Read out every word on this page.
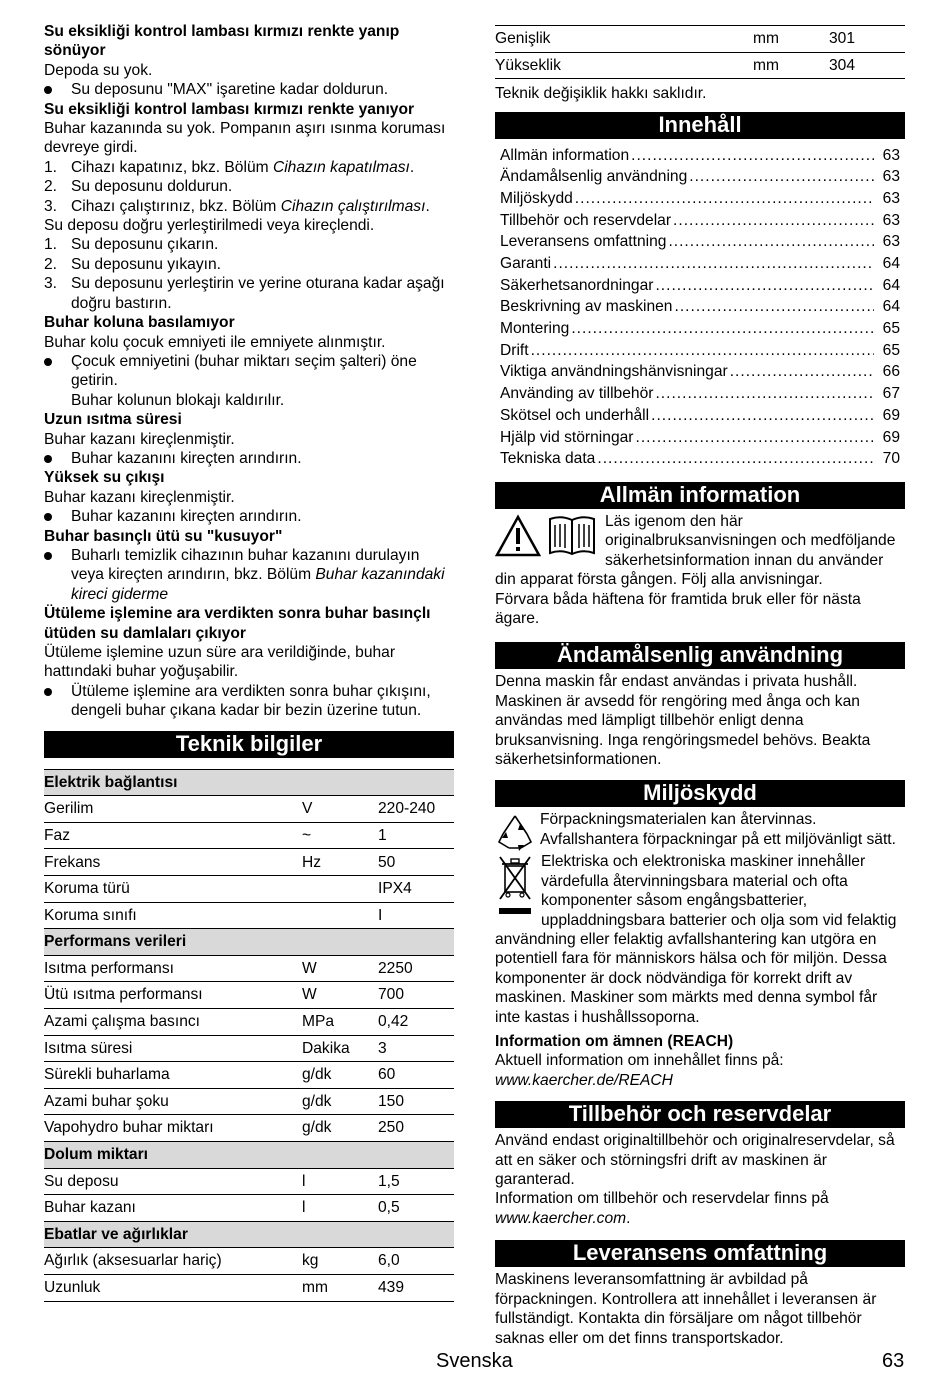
Su eksikliği kontrol lambası kırmızı renkte yanıp sönüyor
Depoda su yok.
Su deposunu "MAX" işaretine kadar doldurun.
Su eksikliği kontrol lambası kırmızı renkte yanıyor
Buhar kazanında su yok. Pompanın aşırı ısınma koruması devreye girdi.
1. Cihazı kapatınız, bkz. Bölüm Cihazın kapatılması.
2. Su deposunu doldurun.
3. Cihazı çalıştırınız, bkz. Bölüm Cihazın çalıştırılması.
Su deposu doğru yerleştirilmedi veya kireçlendi.
1. Su deposunu çıkarın.
2. Su deposunu yıkayın.
3. Su deposunu yerleştirin ve yerine oturana kadar aşağı doğru bastırın.
Buhar koluna basılamıyor
Buhar kolu çocuk emniyeti ile emniyete alınmıştır.
Çocuk emniyetini (buhar miktarı seçim şalteri) öne getirin.
Buhar kolunun blokajı kaldırılır.
Uzun ısıtma süresi
Buhar kazanı kireçlenmiştir.
Buhar kazanını kireçten arındırın.
Yüksek su çıkışı
Buhar kazanı kireçlenmiştir.
Buhar kazanını kireçten arındırın.
Buhar basınçlı ütü su "kusuyor"
Buharlı temizlik cihazının buhar kazanını durulayın veya kireçten arındırın, bkz. Bölüm Buhar kazanındaki kireci giderme
Ütüleme işlemine ara verdikten sonra buhar basınçlı ütüden su damlaları çıkıyor
Ütüleme işlemine uzun süre ara verildiğinde, buhar hattındaki buhar yoğuşabilir.
Ütüleme işlemine ara verdikten sonra buhar çıkışını, dengeli buhar çıkana kadar bir bezin üzerine tutun.
Teknik bilgiler
Elektrik bağlantısı		
Gerilim	V	220-240
Faz	~	1
Frekans	Hz	50
Koruma türü		IPX4
Koruma sınıfı		I
Performans verileri		
Isıtma performansı	W	2250
Ütü ısıtma performansı	W	700
Azami çalışma basıncı	MPa	0,42
Isıtma süresi	Dakika	3
Sürekli buharlama	g/dk	60
Azami buhar şoku	g/dk	150
Vapohydro buhar miktarı	g/dk	250
Dolum miktarı		
Su deposu	l	1,5
Buhar kazanı	l	0,5
Ebatlar ve ağırlıklar		
Ağırlık (aksesuarlar hariç)	kg	6,0
Uzunluk	mm	439
Genişlik	mm	301
Yükseklik	mm	304
Teknik değişiklik hakkı saklıdır.
Innehåll
Allmän information .....	63
Ändamålsenlig användning .....	63
Miljöskydd .....	63
Tillbehör och reservdelar .....	63
Leveransens omfattning .....	63
Garanti .....	64
Säkerhetsanordningar .....	64
Beskrivning av maskinen .....	64
Montering .....	65
Drift .....	65
Viktiga användningshänvisningar .....	66
Använding av tillbehör .....	67
Skötsel och underhåll .....	69
Hjälp vid störningar .....	69
Tekniska data .....	70
Allmän information
Läs igenom den här originalbruksanvisningen och medföljande säkerhetsinformation innan du använder din apparat första gången. Följ alla anvisningar.
Förvara båda häftena för framtida bruk eller för nästa ägare.
Ändamålsenlig användning
Denna maskin får endast användas i privata hushåll. Maskinen är avsedd för rengöring med ånga och kan användas med lämpligt tillbehör enligt denna bruksanvisning. Inga rengöringsmedel behövs. Beakta säkerhetsinformationen.
Miljöskydd
Förpackningsmaterialen kan återvinnas. Avfallshantera förpackningar på ett miljövänligt sätt.
Elektriska och elektroniska maskiner innehåller värdefulla återvinningsbara material och ofta komponenter såsom engångsbatterier, uppladdningsbara batterier och olja som vid felaktig användning eller felaktig avfallshantering kan utgöra en potentiell fara för människors hälsa och för miljön. Dessa komponenter är dock nödvändiga för korrekt drift av maskinen. Maskiner som märkts med denna symbol får inte kastas i hushållssoporna.
Information om ämnen (REACH)
Aktuell information om innehållet finns på: www.kaercher.de/REACH
Tillbehör och reservdelar
Använd endast originaltillbehör och originalreservdelar, så att en säker och störningsfri drift av maskinen är garanterad.
Information om tillbehör och reservdelar finns på www.kaercher.com.
Leveransens omfattning
Maskinens leveransomfattning är avbildad på förpackningen. Kontrollera att innehållet i leveransen är fullständigt. Kontakta din försäljare om något tillbehör saknas eller om det finns transportskador.
Svenska	63
